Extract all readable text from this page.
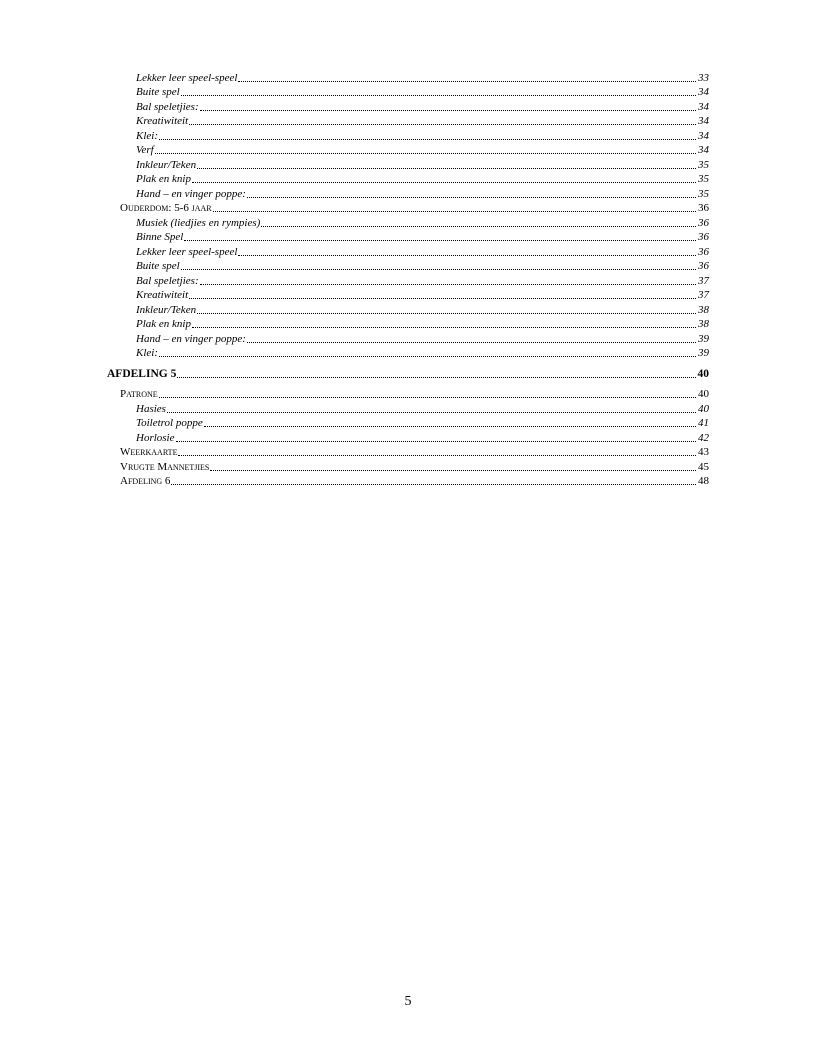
Lekker leer speel-speel	33
Buite spel	34
Bal speletjies:	34
Kreatiwiteit	34
Klei:	34
Verf	34
Inkleur/Teken	35
Plak en knip	35
Hand – en vinger poppe:	35
Ouderdom: 5-6 jaar	36
Musiek (liedjies en rympies)	36
Binne Spel	36
Lekker leer speel-speel	36
Buite spel	36
Bal speletjies:	37
Kreatiwiteit	37
Inkleur/Teken	38
Plak en knip	38
Hand – en vinger poppe:	39
Klei:	39
AFDELING 5	40
Patrone	40
Hasies	40
Toiletrol poppe	41
Horlosie	42
Weerkaarte	43
Vrugte Mannetjies	45
Afdeling 6	48
5
